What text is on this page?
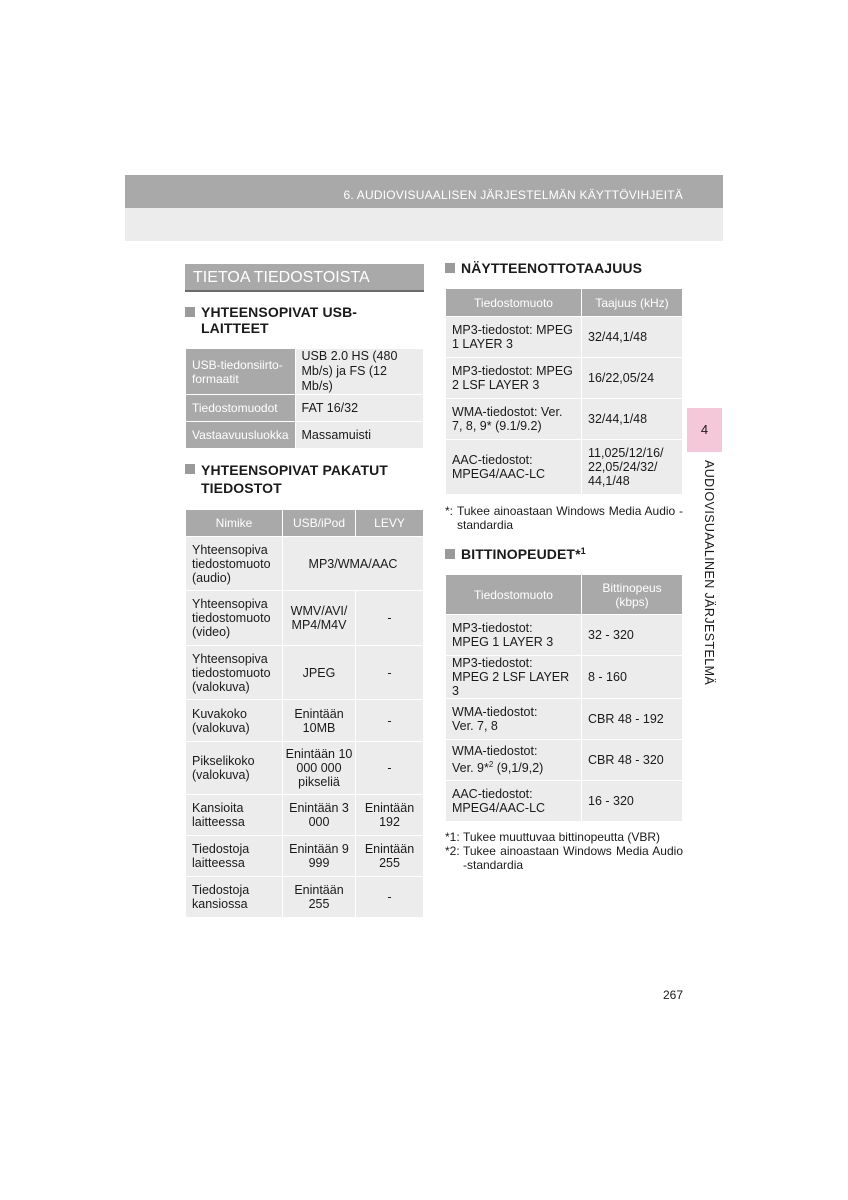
6. AUDIOVISUAALISEN JÄRJESTELMÄN KÄYTTÖVIHJEITÄ
4
AUDIOVISUAALINEN JÄRJESTELMÄ
TIETOA TIEDOSTOISTA
YHTEENSOPIVAT USB-LAITTEET
USB-tiedonsiirto-formaatit	USB 2.0 HS (480 Mb/s) ja FS (12 Mb/s)
Tiedostomuodot	FAT 16/32
Vastaavuusluokka	Massamuisti
YHTEENSOPIVAT PAKATUT TIEDOSTOT
Nimike	USB/iPod	LEVY
Yhteensopiva tiedostomuoto (audio)	MP3/WMA/AAC	
Yhteensopiva tiedostomuoto (video)	WMV/AVI/ MP4/M4V	-
Yhteensopiva tiedostomuoto (valokuva)	JPEG	-
Kuvakoko (valokuva)	Enintään 10MB	-
Pikselikoko (valokuva)	Enintään 10 000 000 pikseliä	-
Kansioita laitteessa	Enintään 3 000	Enintään 192
Tiedostoja laitteessa	Enintään 9 999	Enintään 255
Tiedostoja kansiossa	Enintään 255	-
NÄYTTEENOTTOTAAJUUS
Tiedostomuoto	Taajuus (kHz)
MP3-tiedostot: MPEG 1 LAYER 3	32/44,1/48
MP3-tiedostot: MPEG 2 LSF LAYER 3	16/22,05/24
WMA-tiedostot: Ver. 7, 8, 9* (9.1/9.2)	32/44,1/48
AAC-tiedostot: MPEG4/AAC-LC	11,025/12/16/ 22,05/24/32/ 44,1/48
*: Tukee ainoastaan Windows Media Audio -standardia
BITTINOPEUDET*$^1$
Tiedostomuoto	Bittinopeus (kbps)
MP3-tiedostot:
MPEG 1 LAYER 3	32 - 320
MP3-tiedostot:
MPEG 2 LSF LAYER 3	8 - 160
WMA-tiedostot:
Ver. 7, 8	CBR 48 - 192
WMA-tiedostot:
Ver. 9*$^2$ (9,1/9,2)	CBR 48 - 320
AAC-tiedostot:
MPEG4/AAC-LC	16 - 320
*1: Tukee muuttuvaa bittinopeutta (VBR)
*2: Tukee ainoastaan Windows Media Audio -standardia
267
